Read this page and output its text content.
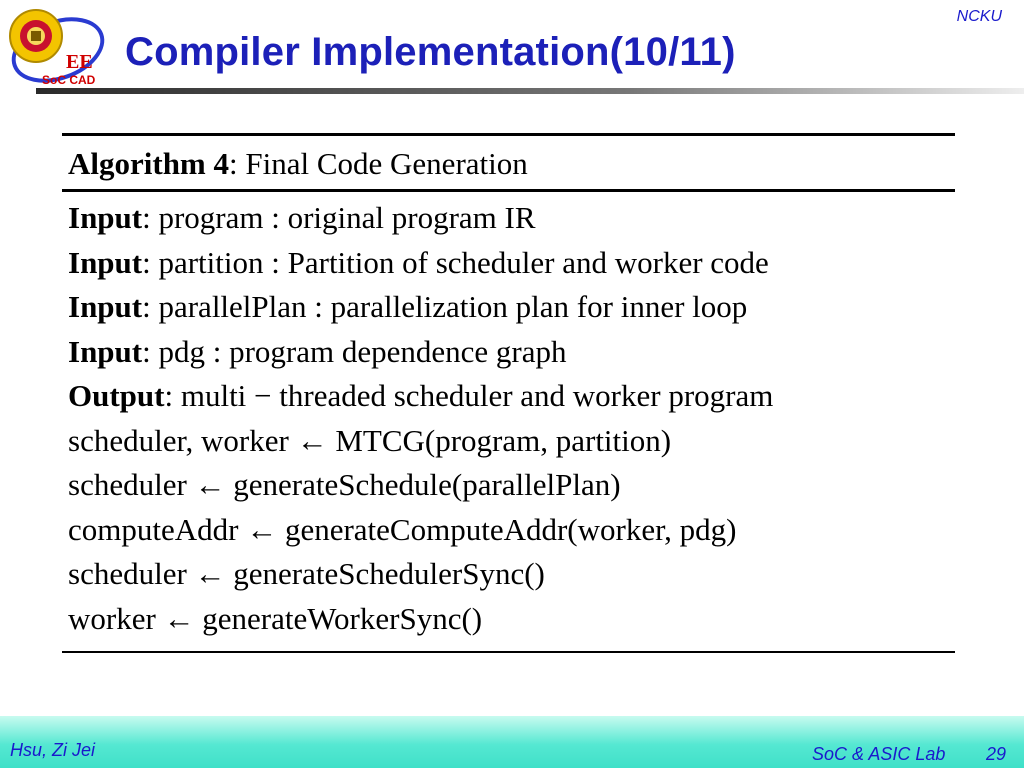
EE
SoC CAD
NCKU
Compiler Implementation(10/11)
Algorithm 4: Final Code Generation
Input: program : original program IR
Input: partition : Partition of scheduler and worker code
Input: parallelPlan : parallelization plan for inner loop
Input: pdg : program dependence graph
Output: multi − threaded scheduler and worker program
scheduler, worker ← MTCG(program, partition)
scheduler ← generateSchedule(parallelPlan)
computeAddr ← generateComputeAddr(worker, pdg)
scheduler ← generateSchedulerSync()
worker ← generateWorkerSync()
Hsu, Zi Jei	SoC & ASIC Lab 29
